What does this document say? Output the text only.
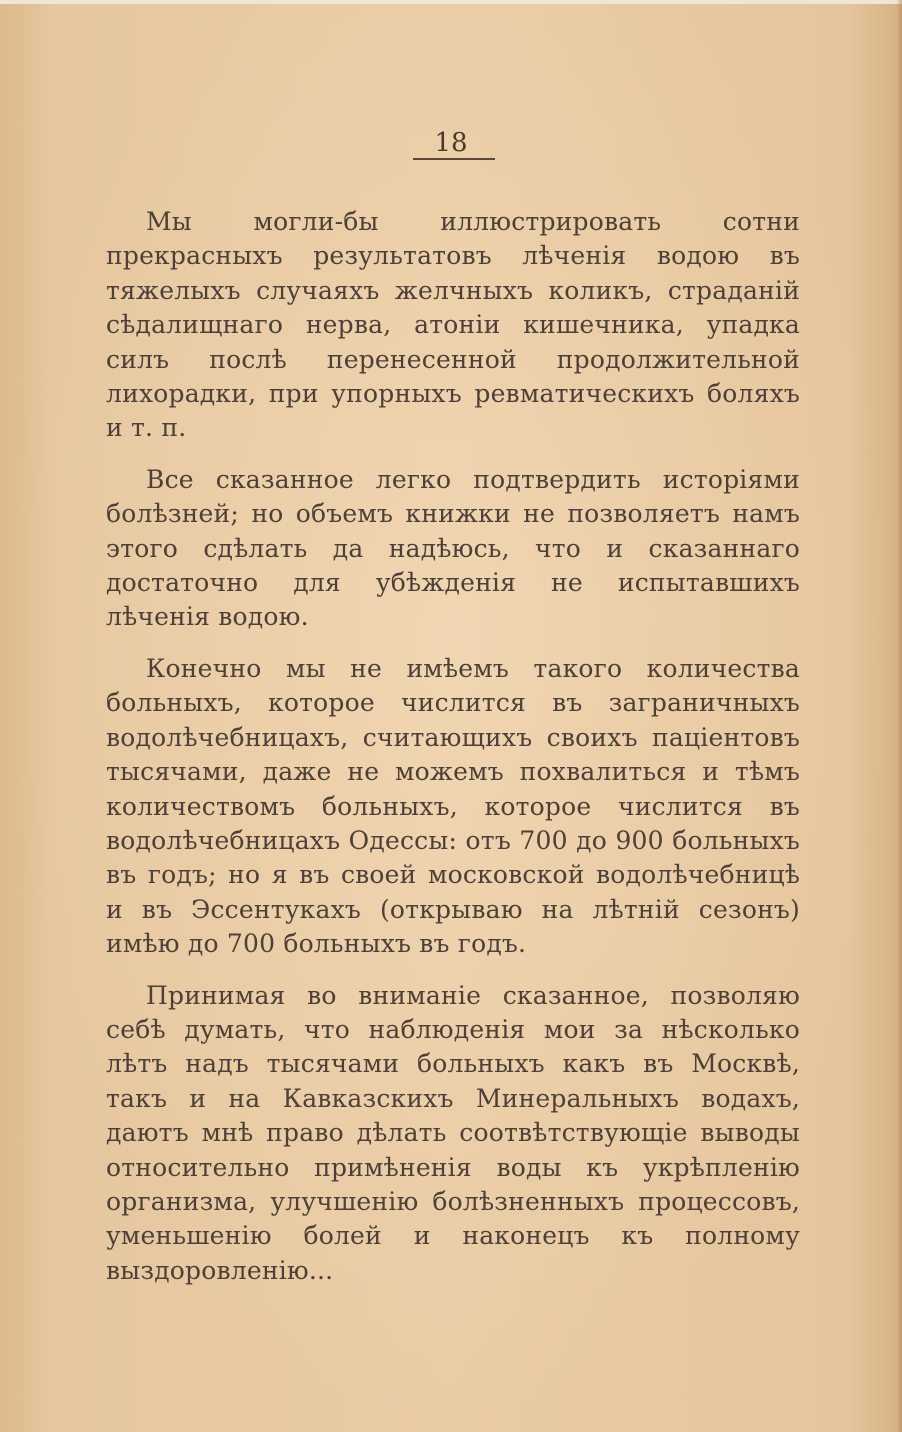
18

Мы могли-бы иллюстрировать сотни прекрасныхъ результатовъ лѣченія водою въ тяжелыхъ случаяхъ желчныхъ коликъ, страданій сѣдалищнаго нерва, атоніи кишечника, упадка силъ послѣ перенесенной продолжительной лихорадки, при упорныхъ ревматическихъ боляхъ и т. п.

Все сказанное легко подтвердить исторіями болѣзней; но объемъ книжки не позволяетъ намъ этого сдѣлать да надѣюсь, что и сказаннаго достаточно для убѣжденія не испытавшихъ лѣченія водою.

Конечно мы не имѣемъ такого количества больныхъ, которое числится въ заграничныхъ водолѣчебницахъ, считающихъ своихъ паціентовъ тысячами, даже не можемъ похвалиться и тѣмъ количествомъ больныхъ, которое числится въ водолѣчебницахъ Одессы: отъ 700 до 900 больныхъ въ годъ; но я въ своей московской водолѣчебницѣ и въ Эссентукахъ (открываю на лѣтній сезонъ) имѣю до 700 больныхъ въ годъ.

Принимая во вниманіе сказанное, позволяю себѣ думать, что наблюденія мои за нѣсколько лѣтъ надъ тысячами больныхъ какъ въ Москвѣ, такъ и на Кавказскихъ Минеральныхъ водахъ, даютъ мнѣ право дѣлать соотвѣтствующіе выводы относительно примѣненія воды къ укрѣпленію организма, улучшенію болѣзненныхъ процессовъ, уменьшенію болей и наконецъ къ полному выздоровленію...
